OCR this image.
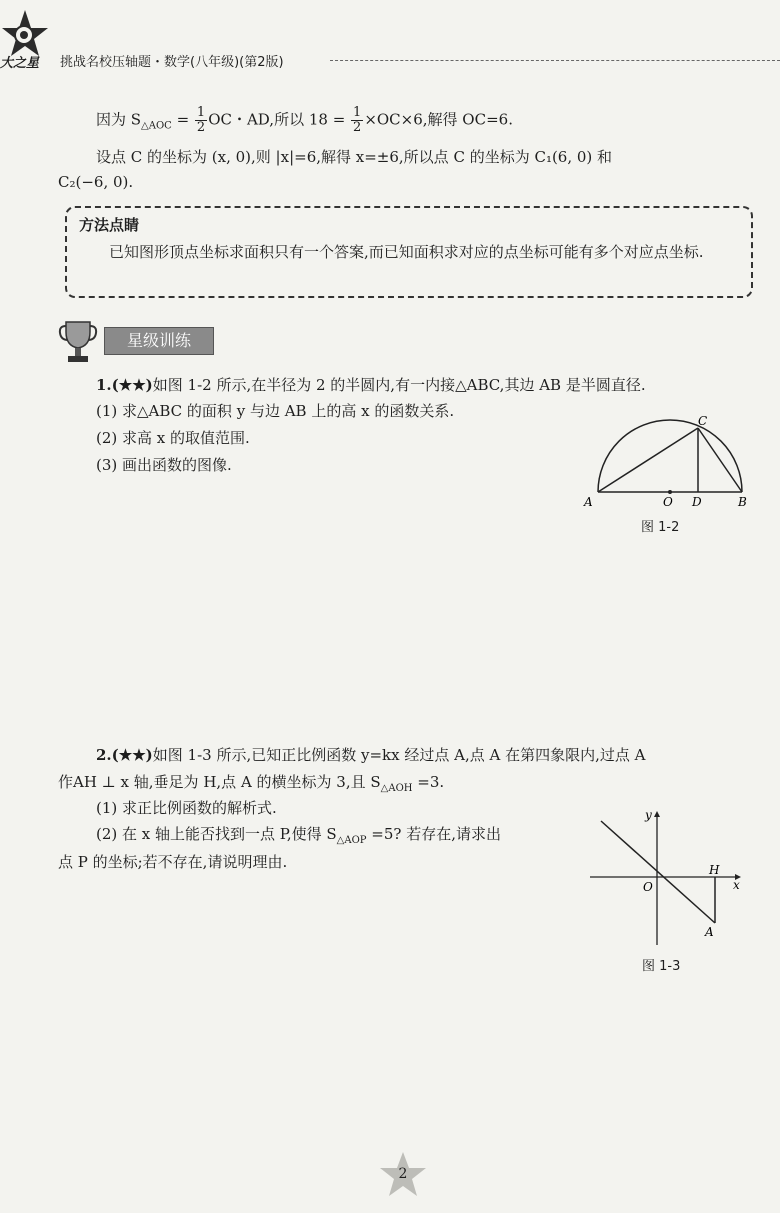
大之星 挑战名校压轴题・数学(八年级)(第2版)
因为 $S_{\triangle AOC} = \frac{1}{2}$ OC・AD,所以 $18 = \frac{1}{2} \times OC\times 6$,解得 OC=6.
设点 C 的坐标为 (x, 0),则 |x|=6,解得 x=±6,所以点 C 的坐标为 C₁(6, 0) 和
C₂(−6, 0).
方法点睛
已知图形顶点坐标求面积只有一个答案,而已知面积求对应的点坐标可能有多个对应点坐标.
星级训练
1.(★★)如图 1-2 所示,在半径为 2 的半圆内,有一内接△ABC,其边 AB 是半圆直径.
(1) 求△ABC 的面积 y 与边 AB 上的高 x 的函数关系.
(2) 求高 x 的取值范围.
(3) 画出函数的图像.
A	O D	B
C
图 1-2
2.(★★)如图 1-3 所示,已知正比例函数 y=kx 经过点 A,点 A 在第四象限内,过点 A
作AH ⊥ x 轴,垂足为 H,点 A 的横坐标为 3,且 $S_{\triangle AOH} =3$.
(1) 求正比例函数的解析式.
(2) 在 x 轴上能否找到一点 P,使得 $S_{\triangle AOP} =5$? 若存在,请求出
点 P 的坐标;若不存在,请说明理由.
y
x
O
H
A
图 1-3
2
